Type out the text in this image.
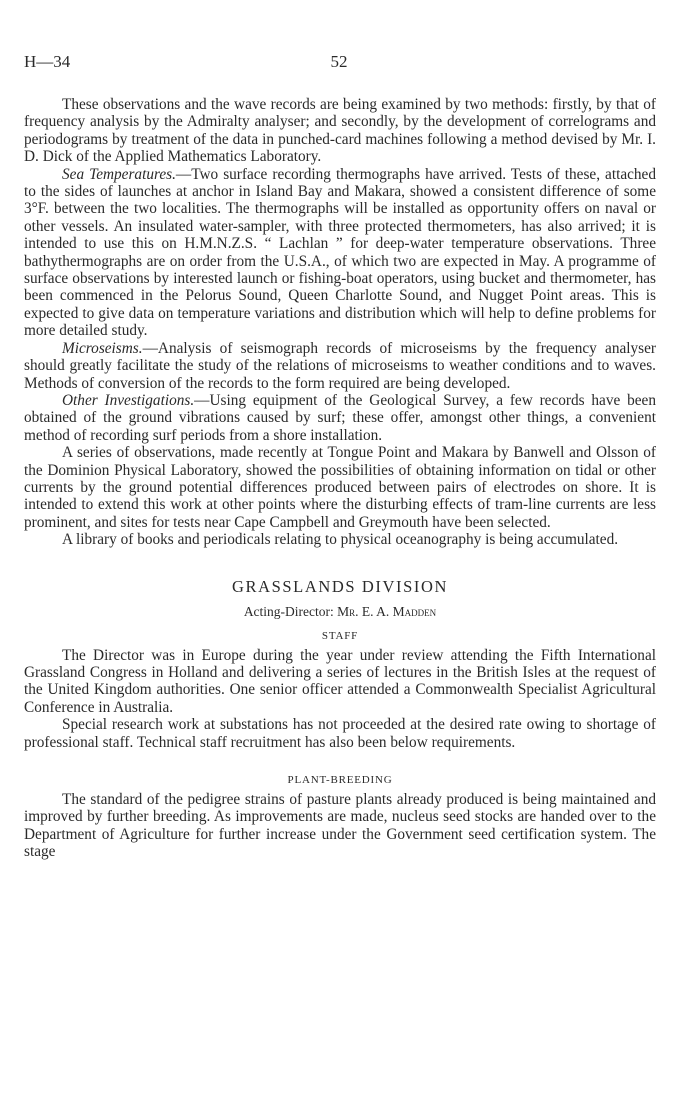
H—34	52

These observations and the wave records are being examined by two methods: firstly, by that of frequency analysis by the Admiralty analyser; and secondly, by the development of correlograms and periodograms by treatment of the data in punched-card machines following a method devised by Mr. I. D. Dick of the Applied Mathematics Laboratory.

Sea Temperatures.—Two surface recording thermographs have arrived. Tests of these, attached to the sides of launches at anchor in Island Bay and Makara, showed a consistent difference of some 3°F. between the two localities. The thermographs will be installed as opportunity offers on naval or other vessels. An insulated water-sampler, with three protected thermometers, has also arrived; it is intended to use this on H.M.N.Z.S. “ Lachlan ” for deep-water temperature observations. Three bathythermographs are on order from the U.S.A., of which two are expected in May. A programme of surface observations by interested launch or fishing-boat operators, using bucket and thermometer, has been commenced in the Pelorus Sound, Queen Charlotte Sound, and Nugget Point areas. This is expected to give data on temperature variations and distribution which will help to define problems for more detailed study.

Microseisms.—Analysis of seismograph records of microseisms by the frequency analyser should greatly facilitate the study of the relations of microseisms to weather conditions and to waves. Methods of conversion of the records to the form required are being developed.

Other Investigations.—Using equipment of the Geological Survey, a few records have been obtained of the ground vibrations caused by surf; these offer, amongst other things, a convenient method of recording surf periods from a shore installation.

A series of observations, made recently at Tongue Point and Makara by Banwell and Olsson of the Dominion Physical Laboratory, showed the possibilities of obtaining information on tidal or other currents by the ground potential differences produced between pairs of electrodes on shore. It is intended to extend this work at other points where the disturbing effects of tram-line currents are less prominent, and sites for tests near Cape Campbell and Greymouth have been selected.

A library of books and periodicals relating to physical oceanography is being accumulated.

GRASSLANDS DIVISION
Acting-Director: Mr. E. A. Madden
STAFF

The Director was in Europe during the year under review attending the Fifth International Grassland Congress in Holland and delivering a series of lectures in the British Isles at the request of the United Kingdom authorities. One senior officer attended a Commonwealth Specialist Agricultural Conference in Australia.

Special research work at substations has not proceeded at the desired rate owing to shortage of professional staff. Technical staff recruitment has also been below requirements.

PLANT-BREEDING

The standard of the pedigree strains of pasture plants already produced is being maintained and improved by further breeding. As improvements are made, nucleus seed stocks are handed over to the Department of Agriculture for further increase under the Government seed certification system. The stage
